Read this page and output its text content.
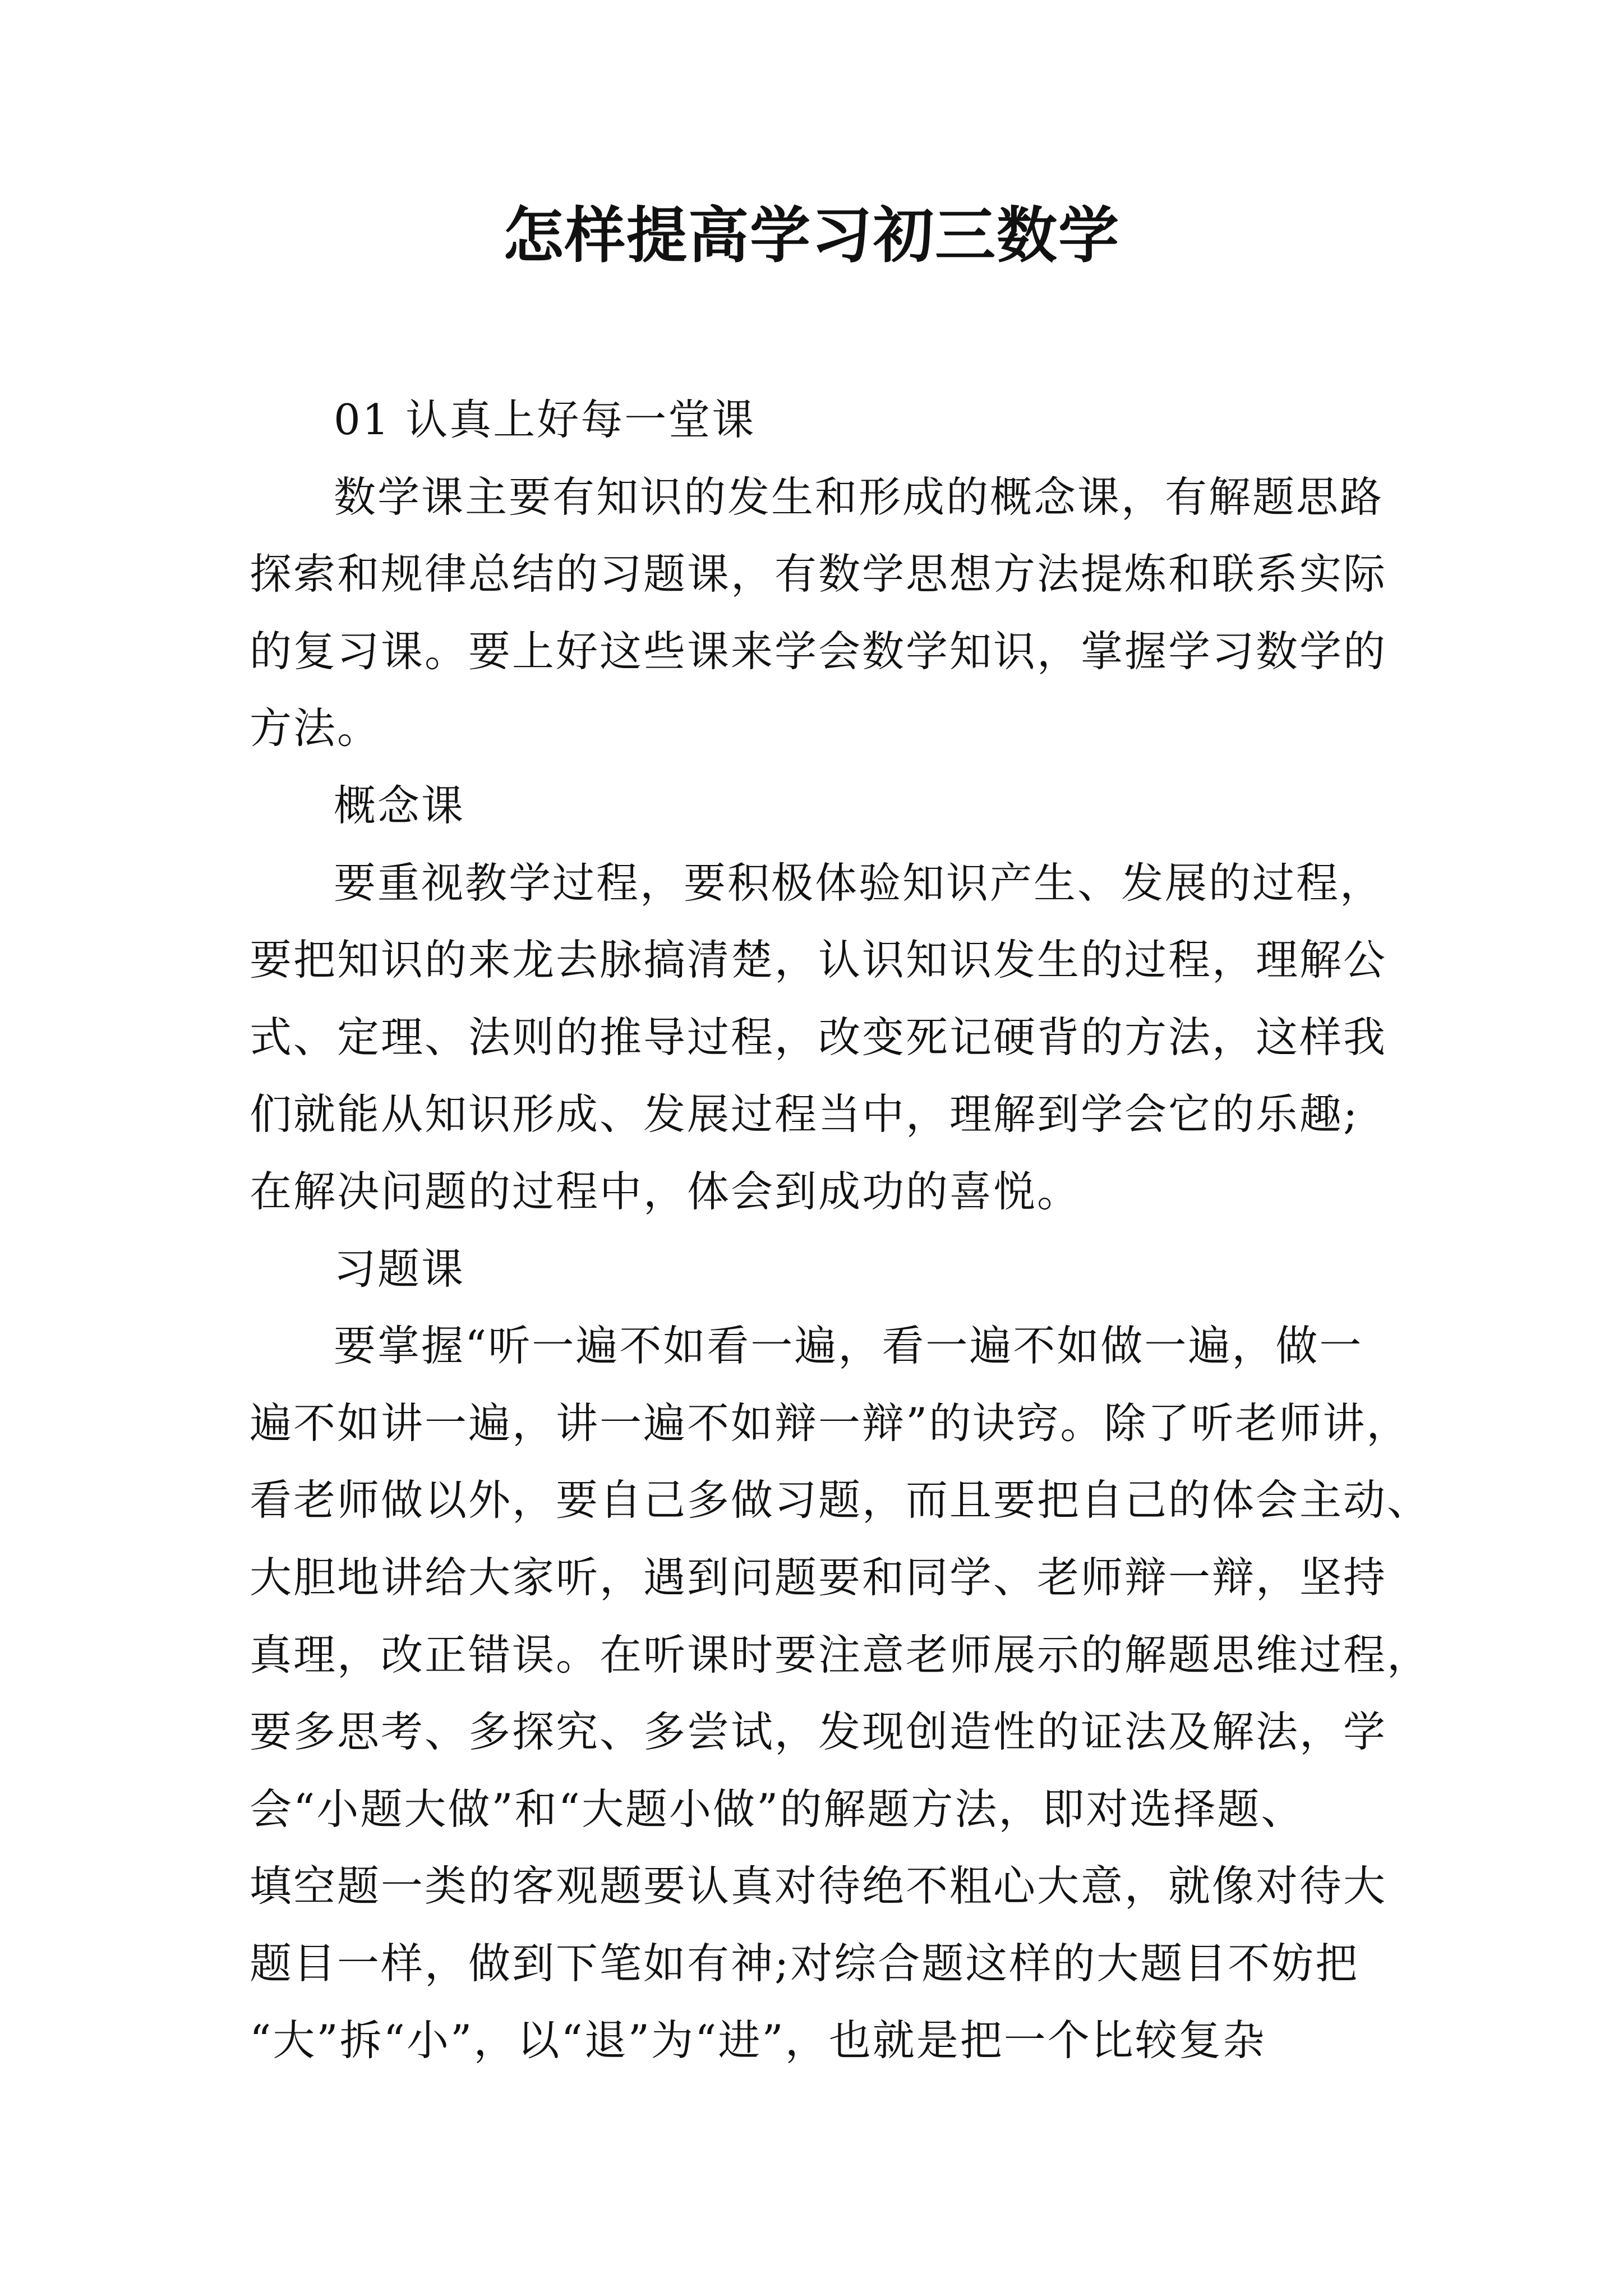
怎样提高学习初三数学

01 认真上好每一堂课

数学课主要有知识的发生和形成的概念课，有解题思路

探索和规律总结的习题课，有数学思想方法提炼和联系实际

的复习课。要上好这些课来学会数学知识，掌握学习数学的

方法。

概念课

要重视教学过程，要积极体验知识产生、发展的过程，

要把知识的来龙去脉搞清楚，认识知识发生的过程，理解公

式、定理、法则的推导过程，改变死记硬背的方法，这样我

们就能从知识形成、发展过程当中，理解到学会它的乐趣;

在解决问题的过程中，体会到成功的喜悦。

习题课

要掌握“听一遍不如看一遍，看一遍不如做一遍，做一

遍不如讲一遍，讲一遍不如辩一辩”的诀窍。除了听老师讲，

看老师做以外，要自己多做习题，而且要把自己的体会主动、

大胆地讲给大家听，遇到问题要和同学、老师辩一辩，坚持

真理，改正错误。在听课时要注意老师展示的解题思维过程，

要多思考、多探究、多尝试，发现创造性的证法及解法，学

会“小题大做”和“大题小做”的解题方法，即对选择题、

填空题一类的客观题要认真对待绝不粗心大意，就像对待大

题目一样，做到下笔如有神;对综合题这样的大题目不妨把

“大”拆“小”，以“退”为“进”，也就是把一个比较复杂
